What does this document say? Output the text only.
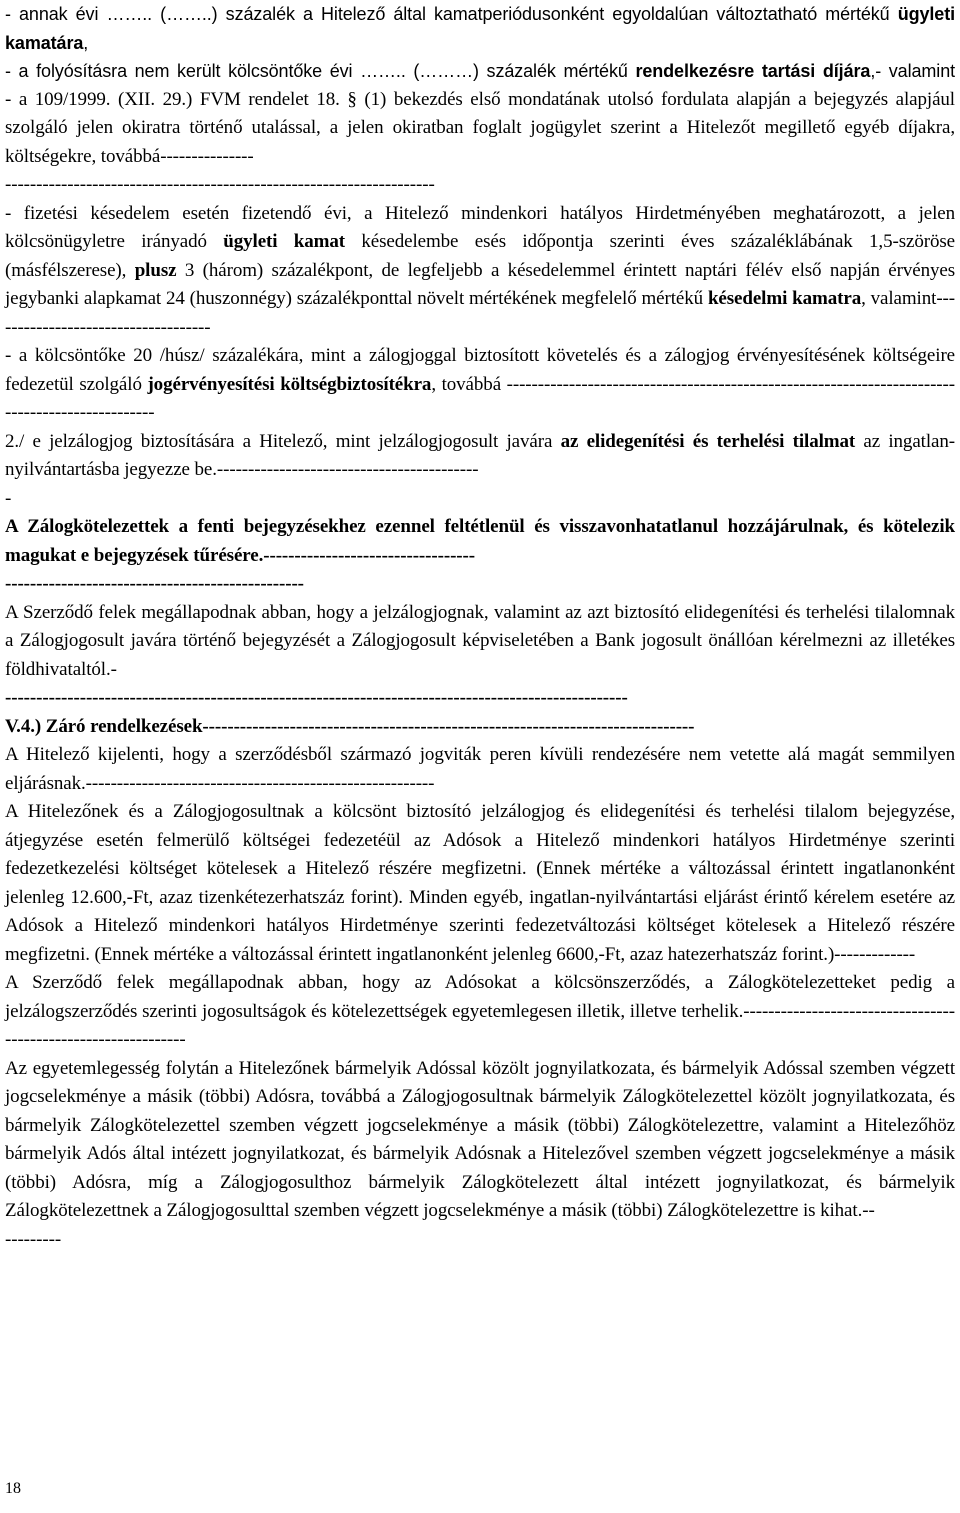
- annak évi …….. (……..) százalék a Hitelező által kamatperiódusonként egyoldalúan változtatható mértékű ügyleti kamatára,

- a folyósításra nem került kölcsöntőke évi …….. (………) százalék mértékű rendelkezésre tartási díjára,- valamint

- a 109/1999. (XII. 29.) FVM rendelet 18. § (1) bekezdés első mondatának utolsó fordulata alapján a bejegyzés alapjául szolgáló jelen okiratra történő utalással, a jelen okiratban foglalt jogügylet szerint a Hitelezőt megillető egyéb díjakra, költségekre, továbbá---------------
---------------------------------------------------------------------

- fizetési késedelem esetén fizetendő évi, a Hitelező mindenkori hatályos Hirdetményében meghatározott, a jelen kölcsönügyletre irányadó ügyleti kamat késedelembe esés időpontja szerinti éves százaléklábának 1,5-szöröse (másfélszerese), plusz 3 (három) százalékpont, de legfeljebb a késedelemmel érintett naptári félév első napján érvényes jegybanki alapkamat 24 (huszonnégy) százalékponttal növelt mértékének megfelelő mértékű késedelmi kamatra, valamint------------------------------------

- a kölcsöntőke 20 /húsz/ százalékára, mint a zálogjoggal biztosított követelés és a zálogjog érvényesítésének költségeire fedezetül szolgáló jogérvényesítési költségbiztosítékra, továbbá ------------------------------------------------------------------------------------------------

2./ e jelzálogjog biztosítására a Hitelező, mint jelzálogjogosult javára az elidegenítési és terhelési tilalmat az ingatlan-nyilvántartásba jegyezze be.------------------------------------------
-

A Zálogkötelezettek a fenti bejegyzésekhez ezennel feltétlenül és visszavonhatatlanul hozzájárulnak, és kötelezik magukat e bejegyzések tűrésére.----------------------------------
------------------------------------------------

A Szerződő felek megállapodnak abban, hogy a jelzálogjognak, valamint az azt biztosító elidegenítési és terhelési tilalomnak a Zálogjogosult javára történő bejegyzését a Zálogjogosult képviseletében a Bank jogosult önállóan kérelmezni az illetékes földhivataltól.-
----------------------------------------------------------------------------------------------------

V.4.) Záró rendelkezések-------------------------------------------------------------------------------

A Hitelező kijelenti, hogy a szerződésből származó jogviták peren kívüli rendezésére nem vetette alá magát semmilyen eljárásnak.--------------------------------------------------------

A Hitelezőnek és a Zálogjogosultnak a kölcsönt biztosító jelzálogjog és elidegenítési és terhelési tilalom bejegyzése, átjegyzése esetén felmerülő költségei fedezetéül az Adósok a Hitelező mindenkori hatályos Hirdetménye szerinti fedezetkezelési költséget kötelesek a Hitelező részére megfizetni. (Ennek mértéke a változással érintett ingatlanonként jelenleg 12.600,-Ft, azaz tizenkétezerhatszáz forint). Minden egyéb, ingatlan-nyilvántartási eljárást érintő kérelem esetére az Adósok a Hitelező mindenkori hatályos Hirdetménye szerinti fedezetváltozási költséget kötelesek a Hitelező részére megfizetni. (Ennek mértéke a változással érintett ingatlanonként jelenleg 6600,-Ft, azaz hatezerhatszáz forint.)-------------

A Szerződő felek megállapodnak abban, hogy az Adósokat a kölcsönszerződés, a Zálogkötelezetteket pedig a jelzálogszerződés szerinti jogosultságok és kötelezettségek egyetemlegesen illetik, illetve terhelik.---------------------------------------------------------------

Az egyetemlegesség folytán a Hitelezőnek bármelyik Adóssal közölt jognyilatkozata, és bármelyik Adóssal szemben végzett jogcselekménye a másik (többi) Adósra, továbbá a Zálogjogosultnak bármelyik Zálogkötelezettel közölt jognyilatkozata, és bármelyik Zálogkötelezettel szemben végzett jogcselekménye a másik (többi) Zálogkötelezettre, valamint a Hitelezőhöz bármelyik Adós által intézett jognyilatkozat, és bármelyik Adósnak a Hitelezővel szemben végzett jogcselekménye a másik (többi) Adósra, míg a Zálogjogosulthoz bármelyik Zálogkötelezett által intézett jognyilatkozat, és bármelyik Zálogkötelezettnek a Zálogjogosulttal szemben végzett jogcselekménye a másik (többi) Zálogkötelezettre is kihat.--
---------

18
